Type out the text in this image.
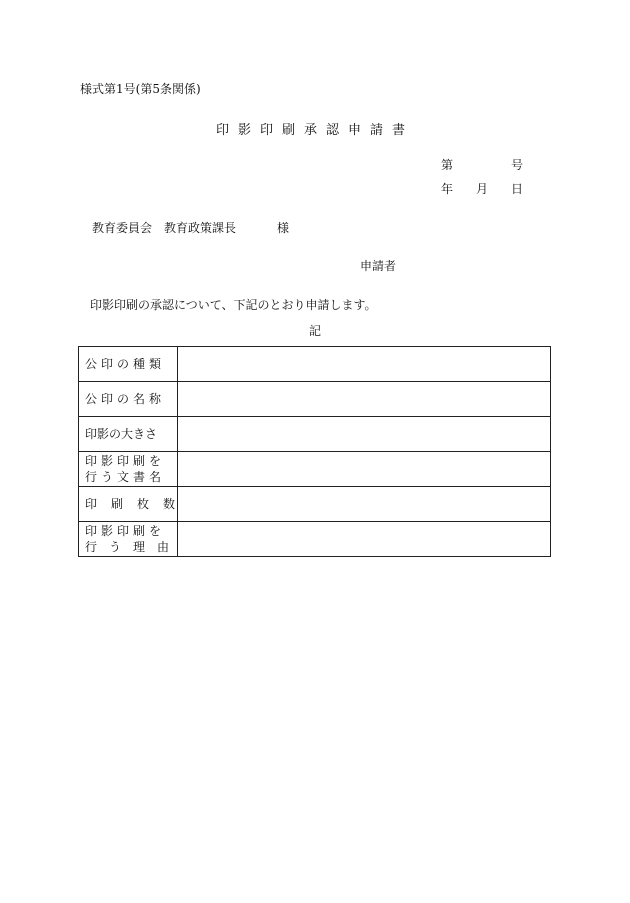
様式第1号(第5条関係)
印影印刷承認申請書
第	号
年 月 日
教育委員会　教育政策課長	様
申請者
印影印刷の承認について、下記のとおり申請します。
記
公印の種類	

公印の名称	

印影の大きさ	

印影印刷を
行う文書名	

印刷枚数	

印影印刷を
行う理由	
